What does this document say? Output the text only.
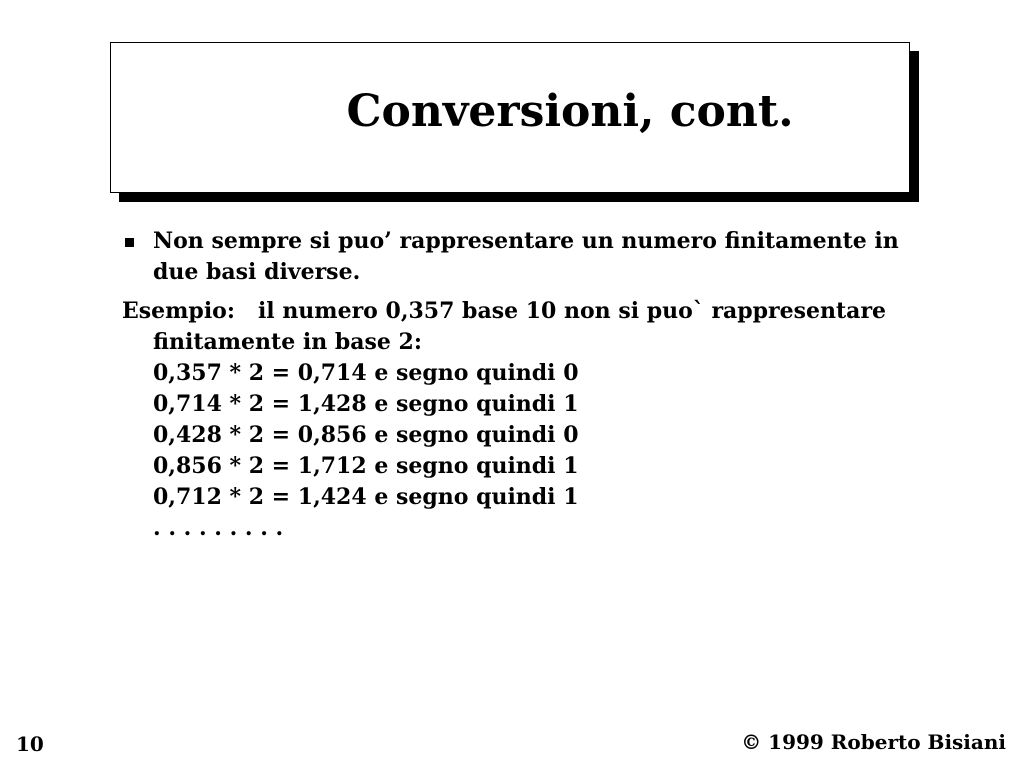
Conversioni, cont.
Non sempre si puo’ rappresentare un numero finitamente in due basi diverse.
Esempio:   il numero 0,357 base 10 non si puo` rappresentare
finitamente in base 2:
0,357 * 2 = 0,714 e segno quindi 0
0,714 * 2 = 1,428 e segno quindi 1
0,428 * 2 = 0,856 e segno quindi 0
0,856 * 2 = 1,712 e segno quindi 1
0,712 * 2 = 1,424 e segno quindi 1
. . . . . . . . .
10	© 1999 Roberto Bisiani
